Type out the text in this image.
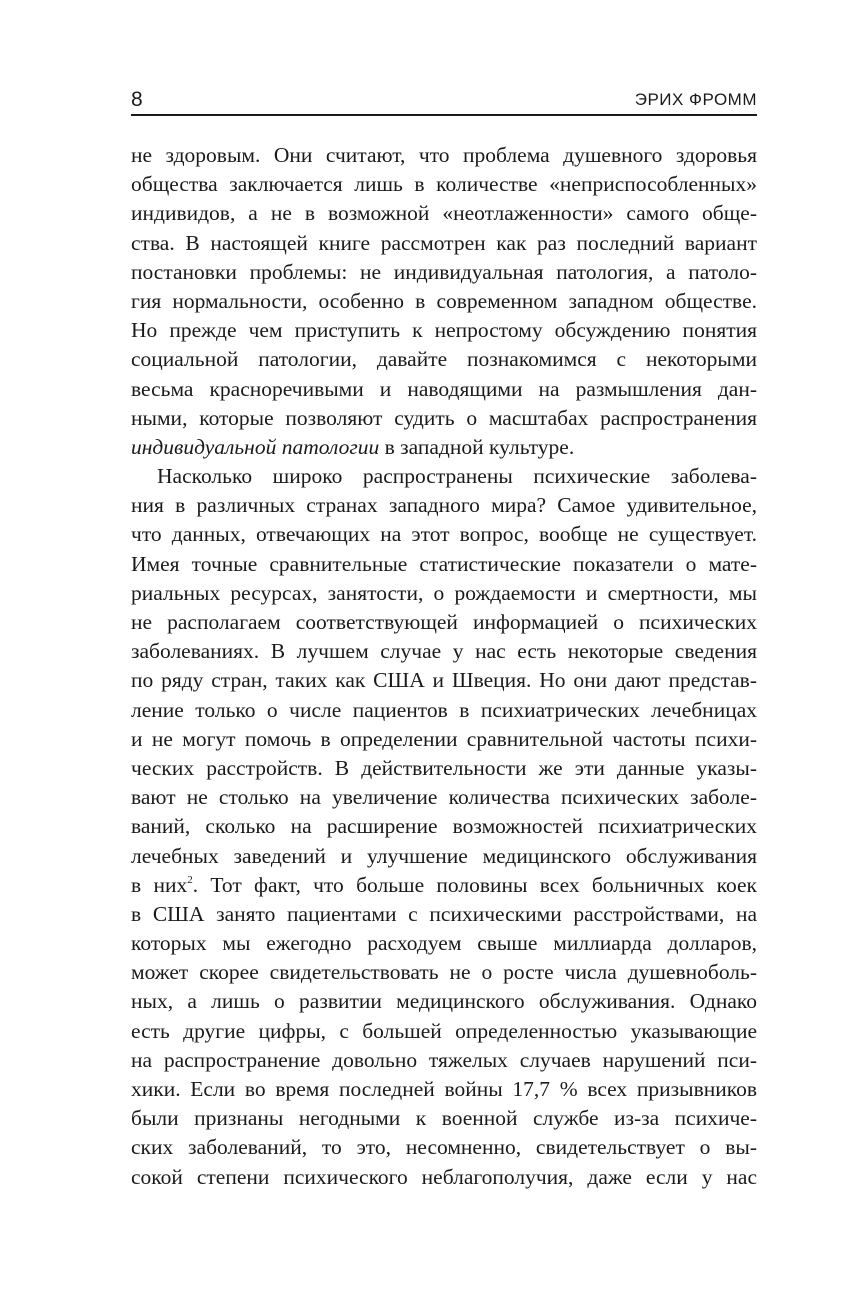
8	ЭРИХ ФРОММ
не здоровым. Они считают, что проблема душевного здоровья
общества заключается лишь в количестве «неприспособленных»
индивидов, а не в возможной «неотлаженности» самого обще-
ства. В настоящей книге рассмотрен как раз последний вариант
постановки проблемы: не индивидуальная патология, а патоло-
гия нормальности, особенно в современном западном обществе.
Но прежде чем приступить к непростому обсуждению понятия
социальной патологии, давайте познакомимся с некоторыми
весьма красноречивыми и наводящими на размышления дан-
ными, которые позволяют судить о масштабах распространения
индивидуальной патологии в западной культуре.
Насколько широко распространены психические заболева-
ния в различных странах западного мира? Самое удивительное,
что данных, отвечающих на этот вопрос, вообще не существует.
Имея точные сравнительные статистические показатели о мате-
риальных ресурсах, занятости, о рождаемости и смертности, мы
не располагаем соответствующей информацией о психических
заболеваниях. В лучшем случае у нас есть некоторые сведения
по ряду стран, таких как США и Швеция. Но они дают представ-
ление только о числе пациентов в психиатрических лечебницах
и не могут помочь в определении сравнительной частоты психи-
ческих расстройств. В действительности же эти данные указы-
вают не столько на увеличение количества психических заболе-
ваний, сколько на расширение возможностей психиатрических
лечебных заведений и улучшение медицинского обслуживания
в них$^2$. Тот факт, что больше половины всех больничных коек
в США занято пациентами с психическими расстройствами, на
которых мы ежегодно расходуем свыше миллиарда долларов,
может скорее свидетельствовать не о росте числа душевноболь-
ных, а лишь о развитии медицинского обслуживания. Однако
есть другие цифры, с большей определенностью указывающие
на распространение довольно тяжелых случаев нарушений пси-
хики. Если во время последней войны 17,7 % всех призывников
были признаны негодными к военной службе из-за психиче-
ских заболеваний, то это, несомненно, свидетельствует о вы-
сокой степени психического неблагополучия, даже если у нас
